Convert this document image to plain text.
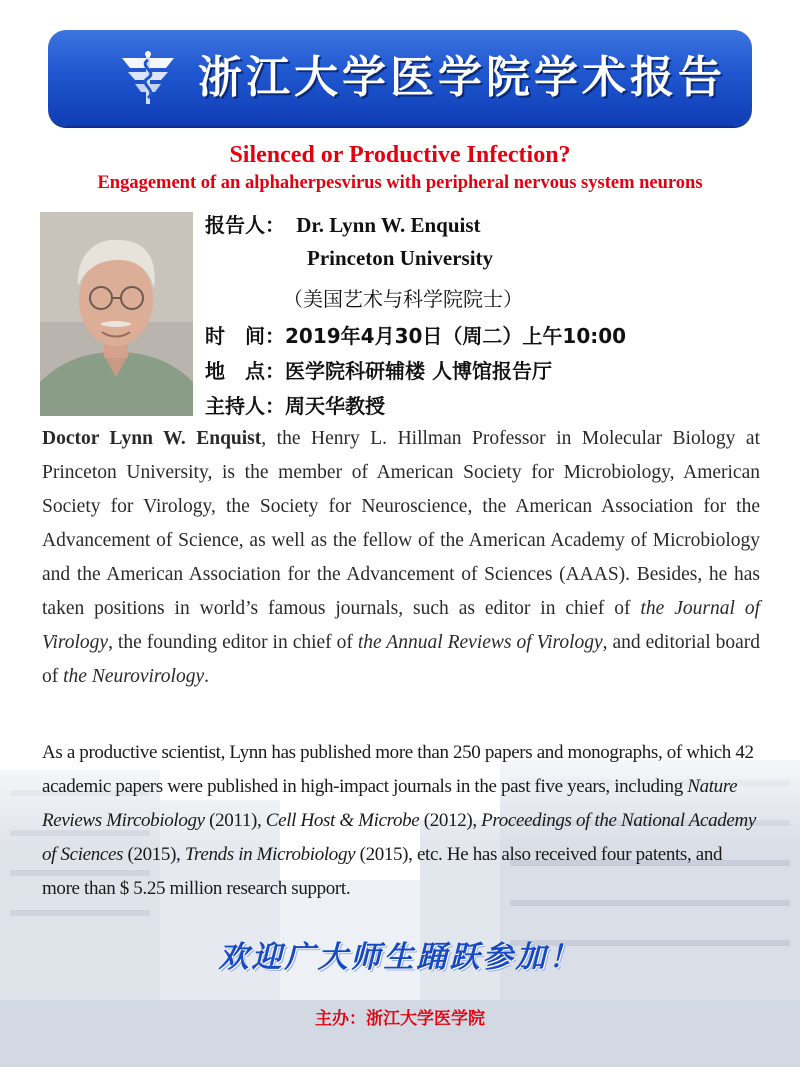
浙江大学医学院学术报告
Silenced or Productive Infection?
Engagement of an alphaherpesvirus with peripheral nervous system neurons
报告人： Dr. Lynn W. Enquist
Princeton University
（美国艺术与科学院院士）
时　间：2019年4月30日（周二）上午10:00
地　点：医学院科研辅楼 人博馆报告厅
主持人：周天华教授
Doctor Lynn W. Enquist, the Henry L. Hillman Professor in Molecular Biology at Princeton University, is the member of American Society for Microbiology, American Society for Virology, the Society for Neuroscience, the American Association for the Advancement of Science, as well as the fellow of the American Academy of Microbiology and the American Association for the Advancement of Sciences (AAAS). Besides, he has taken positions in world’s famous journals, such as editor in chief of the Journal of Virology, the founding editor in chief of the Annual Reviews of Virology, and editorial board of the Neurovirology.
As a productive scientist, Lynn has published more than 250 papers and monographs, of which 42 academic papers were published in high-impact journals in the past five years, including Nature Reviews Mircobiology (2011), Cell Host & Microbe (2012), Proceedings of the National Academy of Sciences (2015), Trends in Microbiology (2015), etc. He has also received four patents, and more than $ 5.25 million research support.
欢迎广大师生踊跃参加！
主办：浙江大学医学院
